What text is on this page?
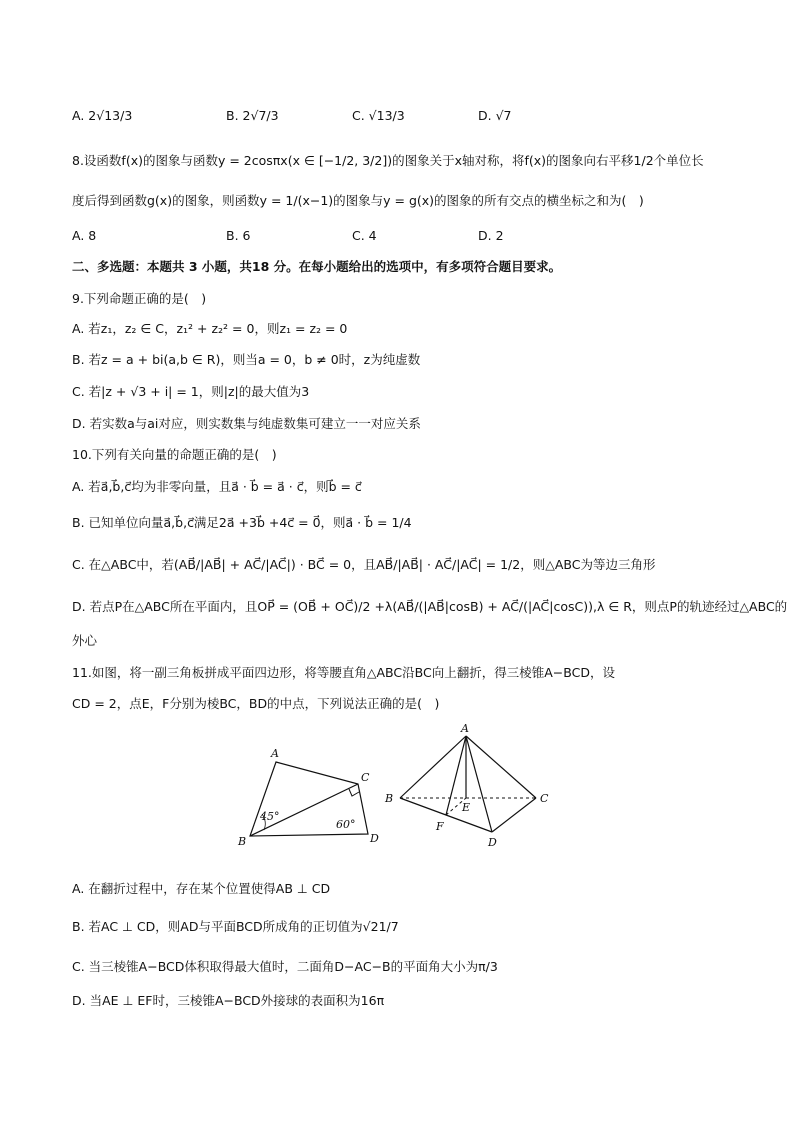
A. 2√13/3	B. 2√7/3	C. √13/3	D. √7
8.设函数f(x)的图象与函数y = 2cosπx(x ∈ [−1/2, 3/2])的图象关于x轴对称，将f(x)的图象向右平移1/2个单位长
度后得到函数g(x)的图象，则函数y = 1/(x−1)的图象与y = g(x)的图象的所有交点的横坐标之和为(　)
A. 8	B. 6	C. 4	D. 2
二、多选题：本题共 3 小题，共18 分。在每小题给出的选项中，有多项符合题目要求。
9.下列命题正确的是(　)
A. 若z₁，z₂ ∈ C，z₁² + z₂² = 0，则z₁ = z₂ = 0
B. 若z = a + bi(a,b ∈ R)，则当a = 0，b ≠ 0时，z为纯虚数
C. 若|z + √3 + i| = 1，则|z|的最大值为3
D. 若实数a与ai对应，则实数集与纯虚数集可建立一一对应关系
10.下列有关向量的命题正确的是(　)
A. 若a⃗,b⃗,c⃗均为非零向量，且a⃗ · b⃗ = a⃗ · c⃗，则b⃗ = c⃗
B. 已知单位向量a⃗,b⃗,c⃗满足2a⃗ +3b⃗ +4c⃗ = 0⃗，则a⃗ · b⃗ = 1/4
C. 在△ABC中，若(AB⃗/|AB⃗| + AC⃗/|AC⃗|) · BC⃗ = 0，且AB⃗/|AB⃗| · AC⃗/|AC⃗| = 1/2，则△ABC为等边三角形
D. 若点P在△ABC所在平面内，且OP⃗ = (OB⃗ + OC⃗)/2 +λ(AB⃗/(|AB⃗|cosB) + AC⃗/(|AC⃗|cosC)),λ ∈ R，则点P的轨迹经过△ABC的
外心
11.如图，将一副三角板拼成平面四边形，将等腰直角△ABC沿BC向上翻折，得三棱锥A−BCD，设
CD = 2，点E，F分别为棱BC，BD的中点，下列说法正确的是(　)
A
B
C
D
45°
60°
A
B	C
D
E
F
A. 在翻折过程中，存在某个位置使得AB ⊥ CD
B. 若AC ⊥ CD，则AD与平面BCD所成角的正切值为√21/7
C. 当三棱锥A−BCD体积取得最大值时，二面角D−AC−B的平面角大小为π/3
D. 当AE ⊥ EF时，三棱锥A−BCD外接球的表面积为16π
